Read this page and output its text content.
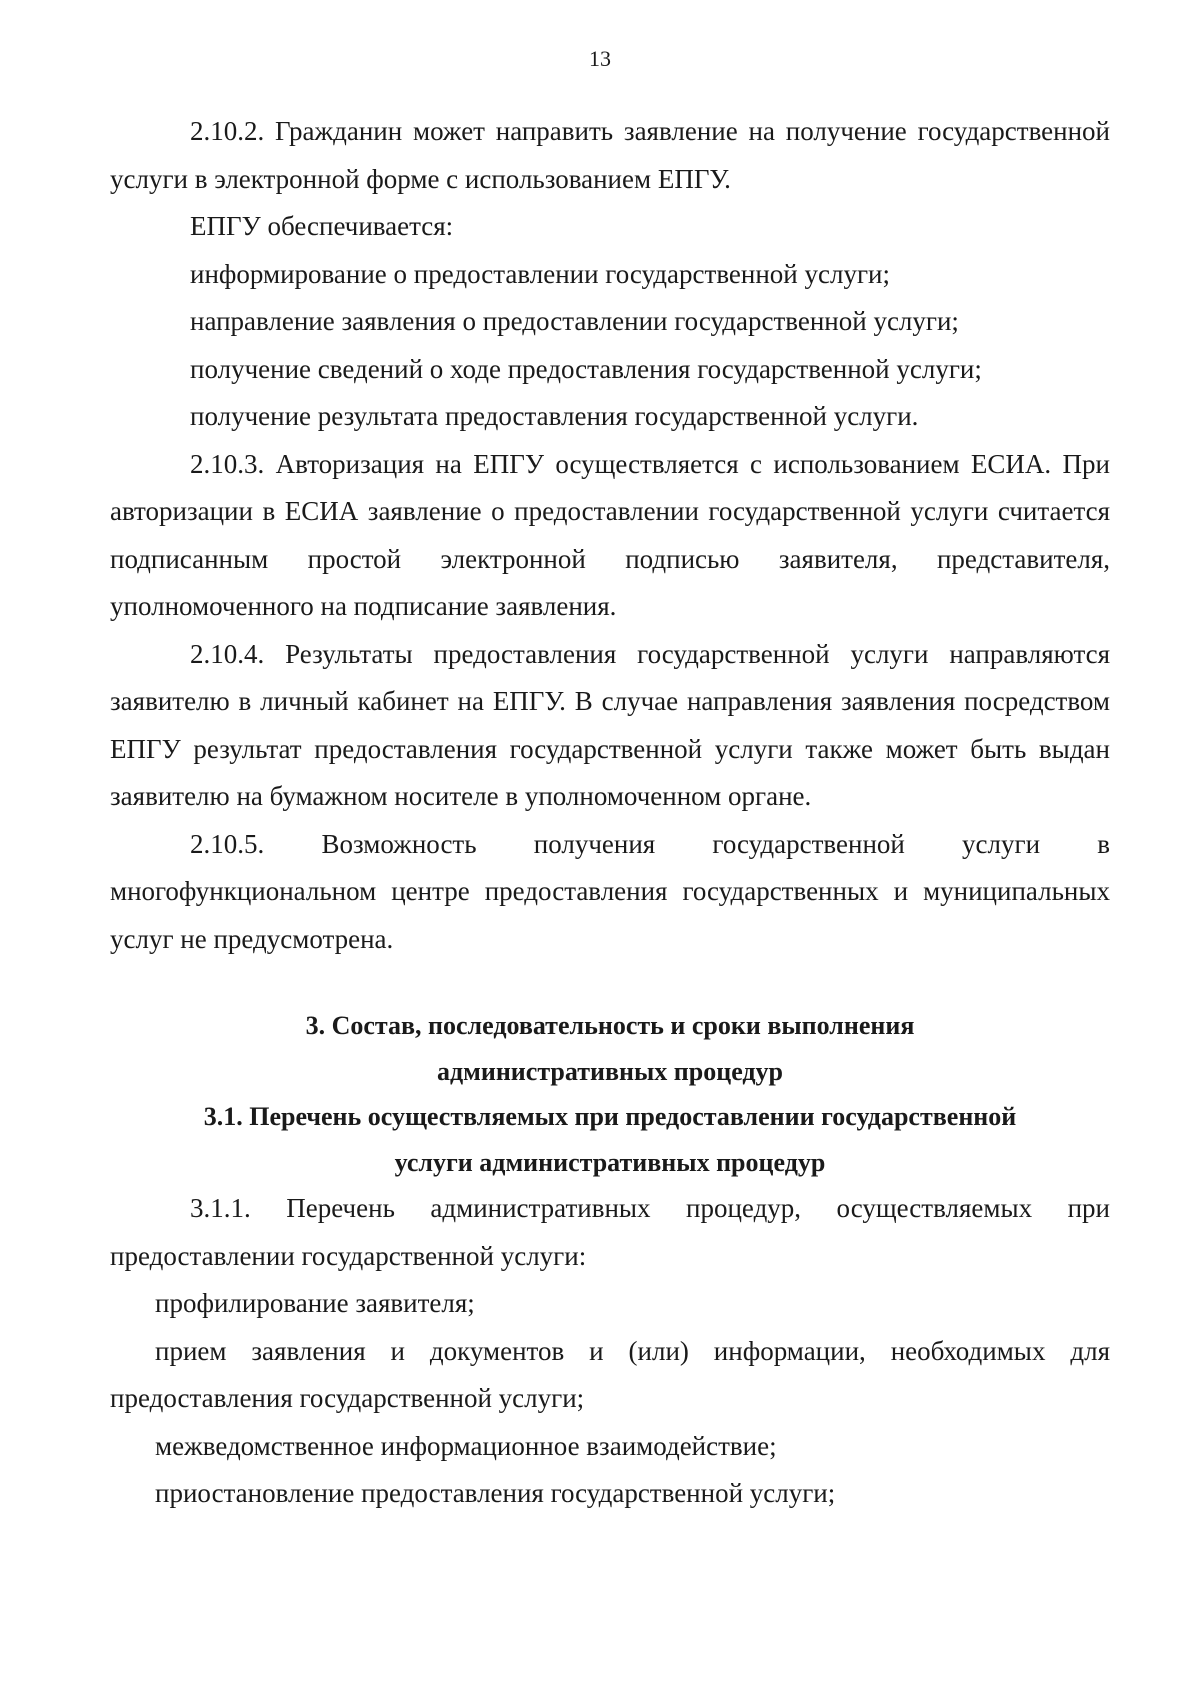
13

2.10.2. Гражданин может направить заявление на получение государственной услуги в электронной форме с использованием ЕПГУ.

ЕПГУ обеспечивается:

информирование о предоставлении государственной услуги;

направление заявления о предоставлении государственной услуги;

получение сведений о ходе предоставления государственной услуги;

получение результата предоставления государственной услуги.

2.10.3. Авторизация на ЕПГУ осуществляется с использованием ЕСИА. При авторизации в ЕСИА заявление о предоставлении государственной услуги считается подписанным простой электронной подписью заявителя, представителя, уполномоченного на подписание заявления.

2.10.4. Результаты предоставления государственной услуги направляются заявителю в личный кабинет на ЕПГУ. В случае направления заявления посредством ЕПГУ результат предоставления государственной услуги также может быть выдан заявителю на бумажном носителе в уполномоченном органе.

2.10.5. Возможность получения государственной услуги в многофункциональном центре предоставления государственных и муниципальных услуг не предусмотрена.

3. Состав, последовательность и сроки выполнения

административных процедур

3.1. Перечень осуществляемых при предоставлении государственной

услуги административных процедур

3.1.1. Перечень административных процедур, осуществляемых при предоставлении государственной услуги:

профилирование заявителя;

прием заявления и документов и (или) информации, необходимых для предоставления государственной услуги;

межведомственное информационное взаимодействие;

приостановление предоставления государственной услуги;
